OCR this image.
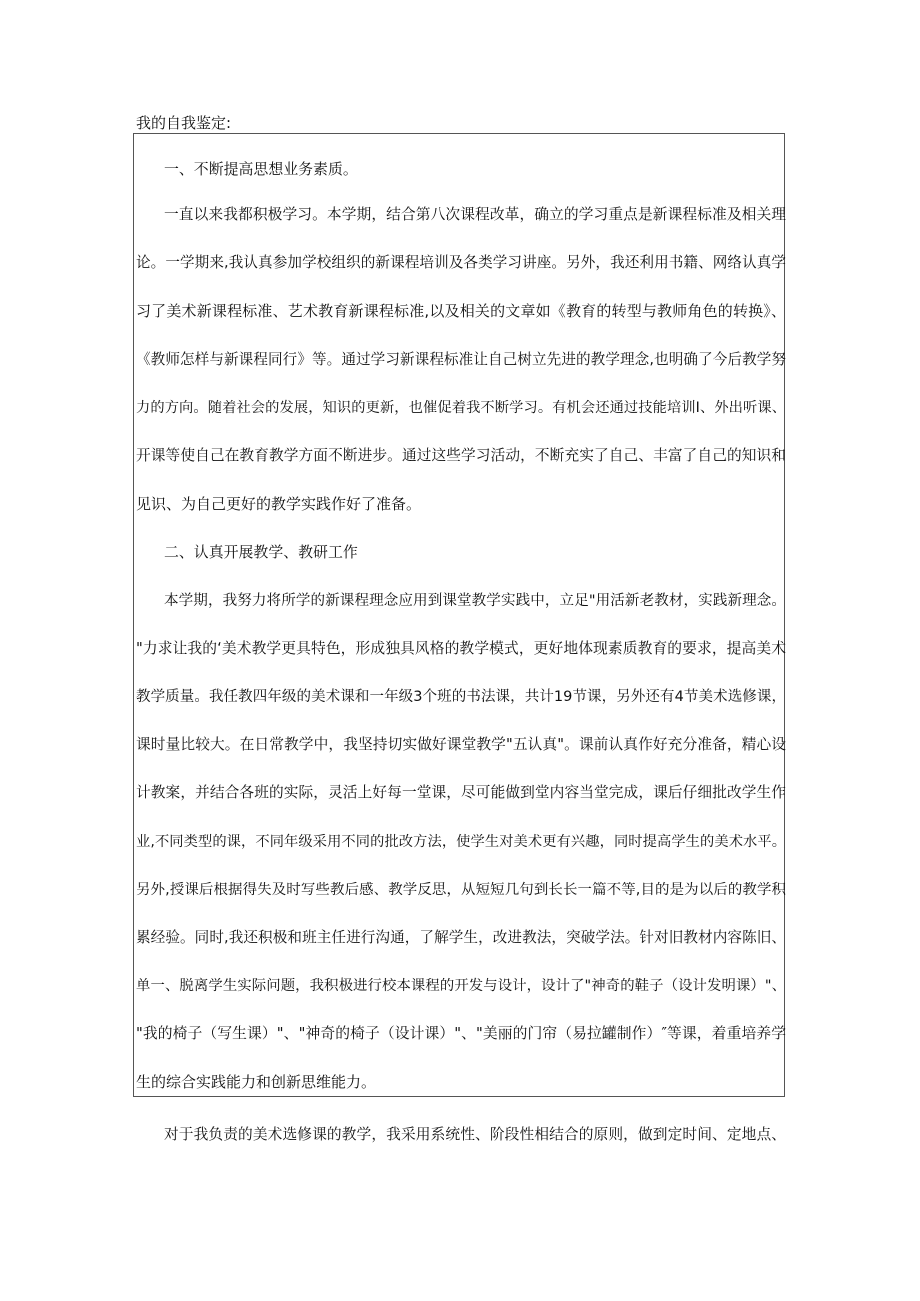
我的自我鉴定:
一、不断提高思想业务素质。
一直以来我都积极学习。本学期，结合第八次课程改革，确立的学习重点是新课程标准及相关理
论。一学期来,我认真参加学校组织的新课程培训及各类学习讲座。另外，我还利用书籍、网络认真学
习了美术新课程标准、艺术教育新课程标准,以及相关的文章如《教育的转型与教师角色的转换》、
《教师怎样与新课程同行》等。通过学习新课程标准让自己树立先进的教学理念,也明确了今后教学努
力的方向。随着社会的发展，知识的更新，也催促着我不断学习。有机会还通过技能培训Ⅰ、外出听课、
开课等使自己在教育教学方面不断进步。通过这些学习活动，不断充实了自己、丰富了自己的知识和
见识、为自己更好的教学实践作好了准备。
二、认真开展教学、教研工作
本学期，我努力将所学的新课程理念应用到课堂教学实践中，立足"用活新老教材，实践新理念。
"力求让我的‘美术教学更具特色，形成独具风格的教学模式，更好地体现素质教育的要求，提高美术
教学质量。我任教四年级的美术课和一年级3个班的书法课，共计19节课，另外还有4节美术选修课，
课时量比较大。在日常教学中，我坚持切实做好课堂教学"五认真"。课前认真作好充分准备，精心设
计教案，并结合各班的实际，灵活上好每一堂课，尽可能做到堂内容当堂完成，课后仔细批改学生作
业,不同类型的课，不同年级采用不同的批改方法，使学生对美术更有兴趣，同时提高学生的美术水平。
另外,授课后根据得失及时写些教后感、教学反思，从短短几句到长长一篇不等,目的是为以后的教学积
累经验。同时,我还积极和班主任进行沟通，了解学生，改进教法，突破学法。针对旧教材内容陈旧、
单一、脱离学生实际问题，我积极进行校本课程的开发与设计，设计了"神奇的鞋子（设计发明课）"、
"我的椅子（写生课）"、"神奇的椅子（设计课）"、"美丽的门帘（易拉罐制作）″等课，着重培养学
生的综合实践能力和创新思维能力。
对于我负责的美术选修课的教学，我采用系统性、阶段性相结合的原则，做到定时间、定地点、
